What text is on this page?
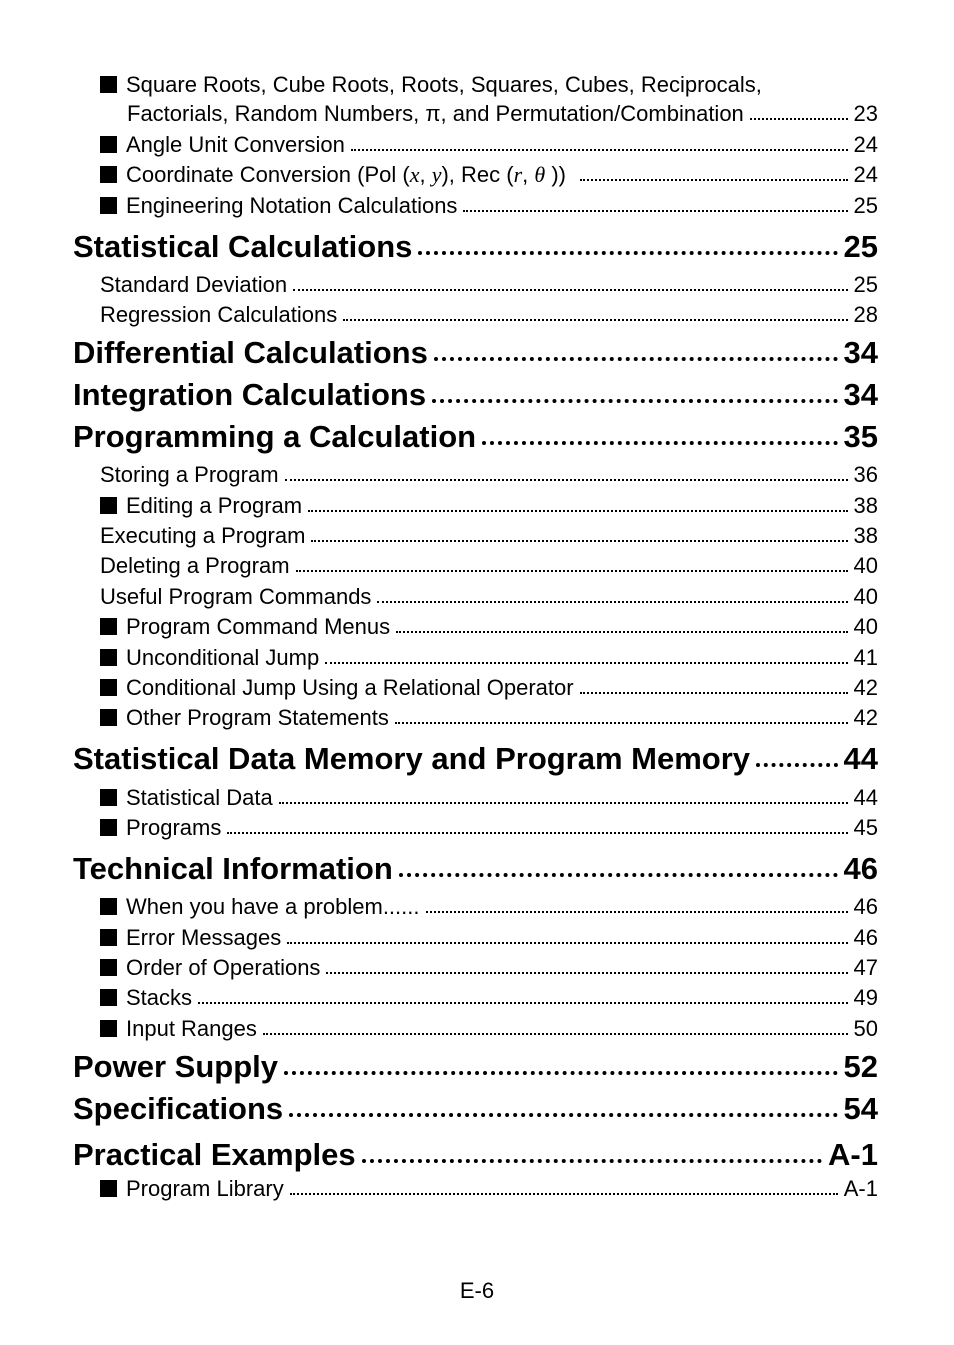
Square Roots, Cube Roots, Roots, Squares, Cubes, Reciprocals,
Factorials, Random Numbers, π, and Permutation/Combination	23
Angle Unit Conversion	24
Coordinate Conversion (Pol (x, y), Rec (r, θ ))	24
Engineering Notation Calculations	25
Statistical Calculations	25
Standard Deviation	25
Regression Calculations	28
Differential Calculations	34
Integration Calculations	34
Programming a Calculation	35
Storing a Program	36
Editing a Program	38
Executing a Program	38
Deleting a Program	40
Useful Program Commands	40
Program Command Menus	40
Unconditional Jump	41
Conditional Jump Using a Relational Operator	42
Other Program Statements	42
Statistical Data Memory and Program Memory	44
Statistical Data	44
Programs	45
Technical Information	46
When you have a problem......	46
Error Messages	46
Order of Operations	47
Stacks	49
Input Ranges	50
Power Supply	52
Specifications	54
Practical Examples	A-1
Program Library	A-1
E-6
